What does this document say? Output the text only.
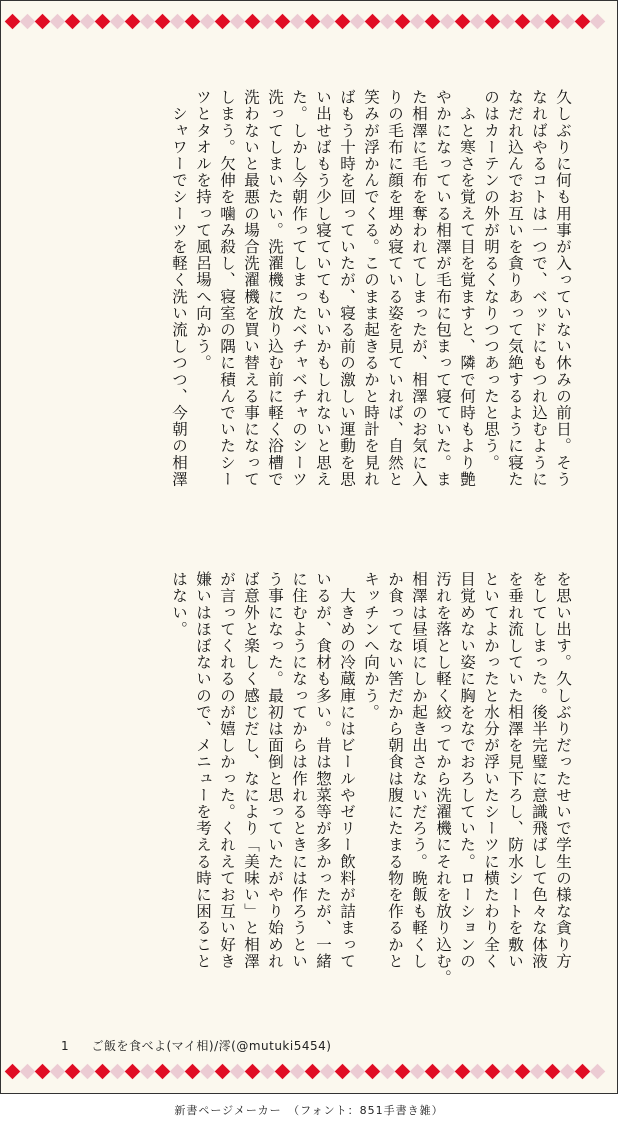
久しぶりに何も用事が入っていない休みの前日。そう
なればやるコトは一つで、ベッドにもつれ込むように
なだれ込んでお互いを貪りあって気絶するように寝た
のはカーテンの外が明るくなりつつあったと思う。
　ふと寒さを覚えて目を覚ますと、隣で何時もより艶
やかになっている相澤が毛布に包まって寝ていた。ま
た相澤に毛布を奪われてしまったが、相澤のお気に入
りの毛布に顔を埋め寝ている姿を見ていれば、自然と
笑みが浮かんでくる。このまま起きるかと時計を見れ
ばもう十時を回っていたが、寝る前の激しい運動を思
い出せばもう少し寝ていてもいいかもしれないと思え
た。しかし今朝作ってしまったベチャベチャのシーツ
洗ってしまいたい。洗濯機に放り込む前に軽く浴槽で
洗わないと最悪の場合洗濯機を買い替える事になって
しまう。欠伸を噛み殺し、寝室の隅に積んでいたシー
ツとタオルを持って風呂場へ向かう。
　シャワーでシーツを軽く洗い流しつつ、今朝の相澤
を思い出す。久しぶりだったせいで学生の様な貪り方
をしてしまった。後半完璧に意識飛ばして色々な体液
を垂れ流していた相澤を見下ろし、防水シートを敷い
といてよかったと水分が浮いたシーツに横たわり全く
目覚めない姿に胸をなでおろしていた。ローションの
汚れを落とし軽く絞ってから洗濯機にそれを放り込む。
相澤は昼頃にしか起き出さないだろう。晩飯も軽くし
か食ってない筈だから朝食は腹にたまる物を作るかと
キッチンへ向かう。
　大きめの冷蔵庫にはビールやゼリー飲料が詰まって
いるが、食材も多い。昔は惣菜等が多かったが、一緒
に住むようになってからは作れるときには作ろうとい
う事になった。最初は面倒と思っていたがやり始めれ
ば意外と楽しく感じだし、なにより「美味い」と相澤
が言ってくれるのが嬉しかった。くれえてお互い好き
嫌いはほぼないので、メニューを考える時に困ること
はない。
1 ご飯を食べよ(マイ相)/澪(@mutuki5454)
新書ページメーカー　（フォント：851手書き雑）
